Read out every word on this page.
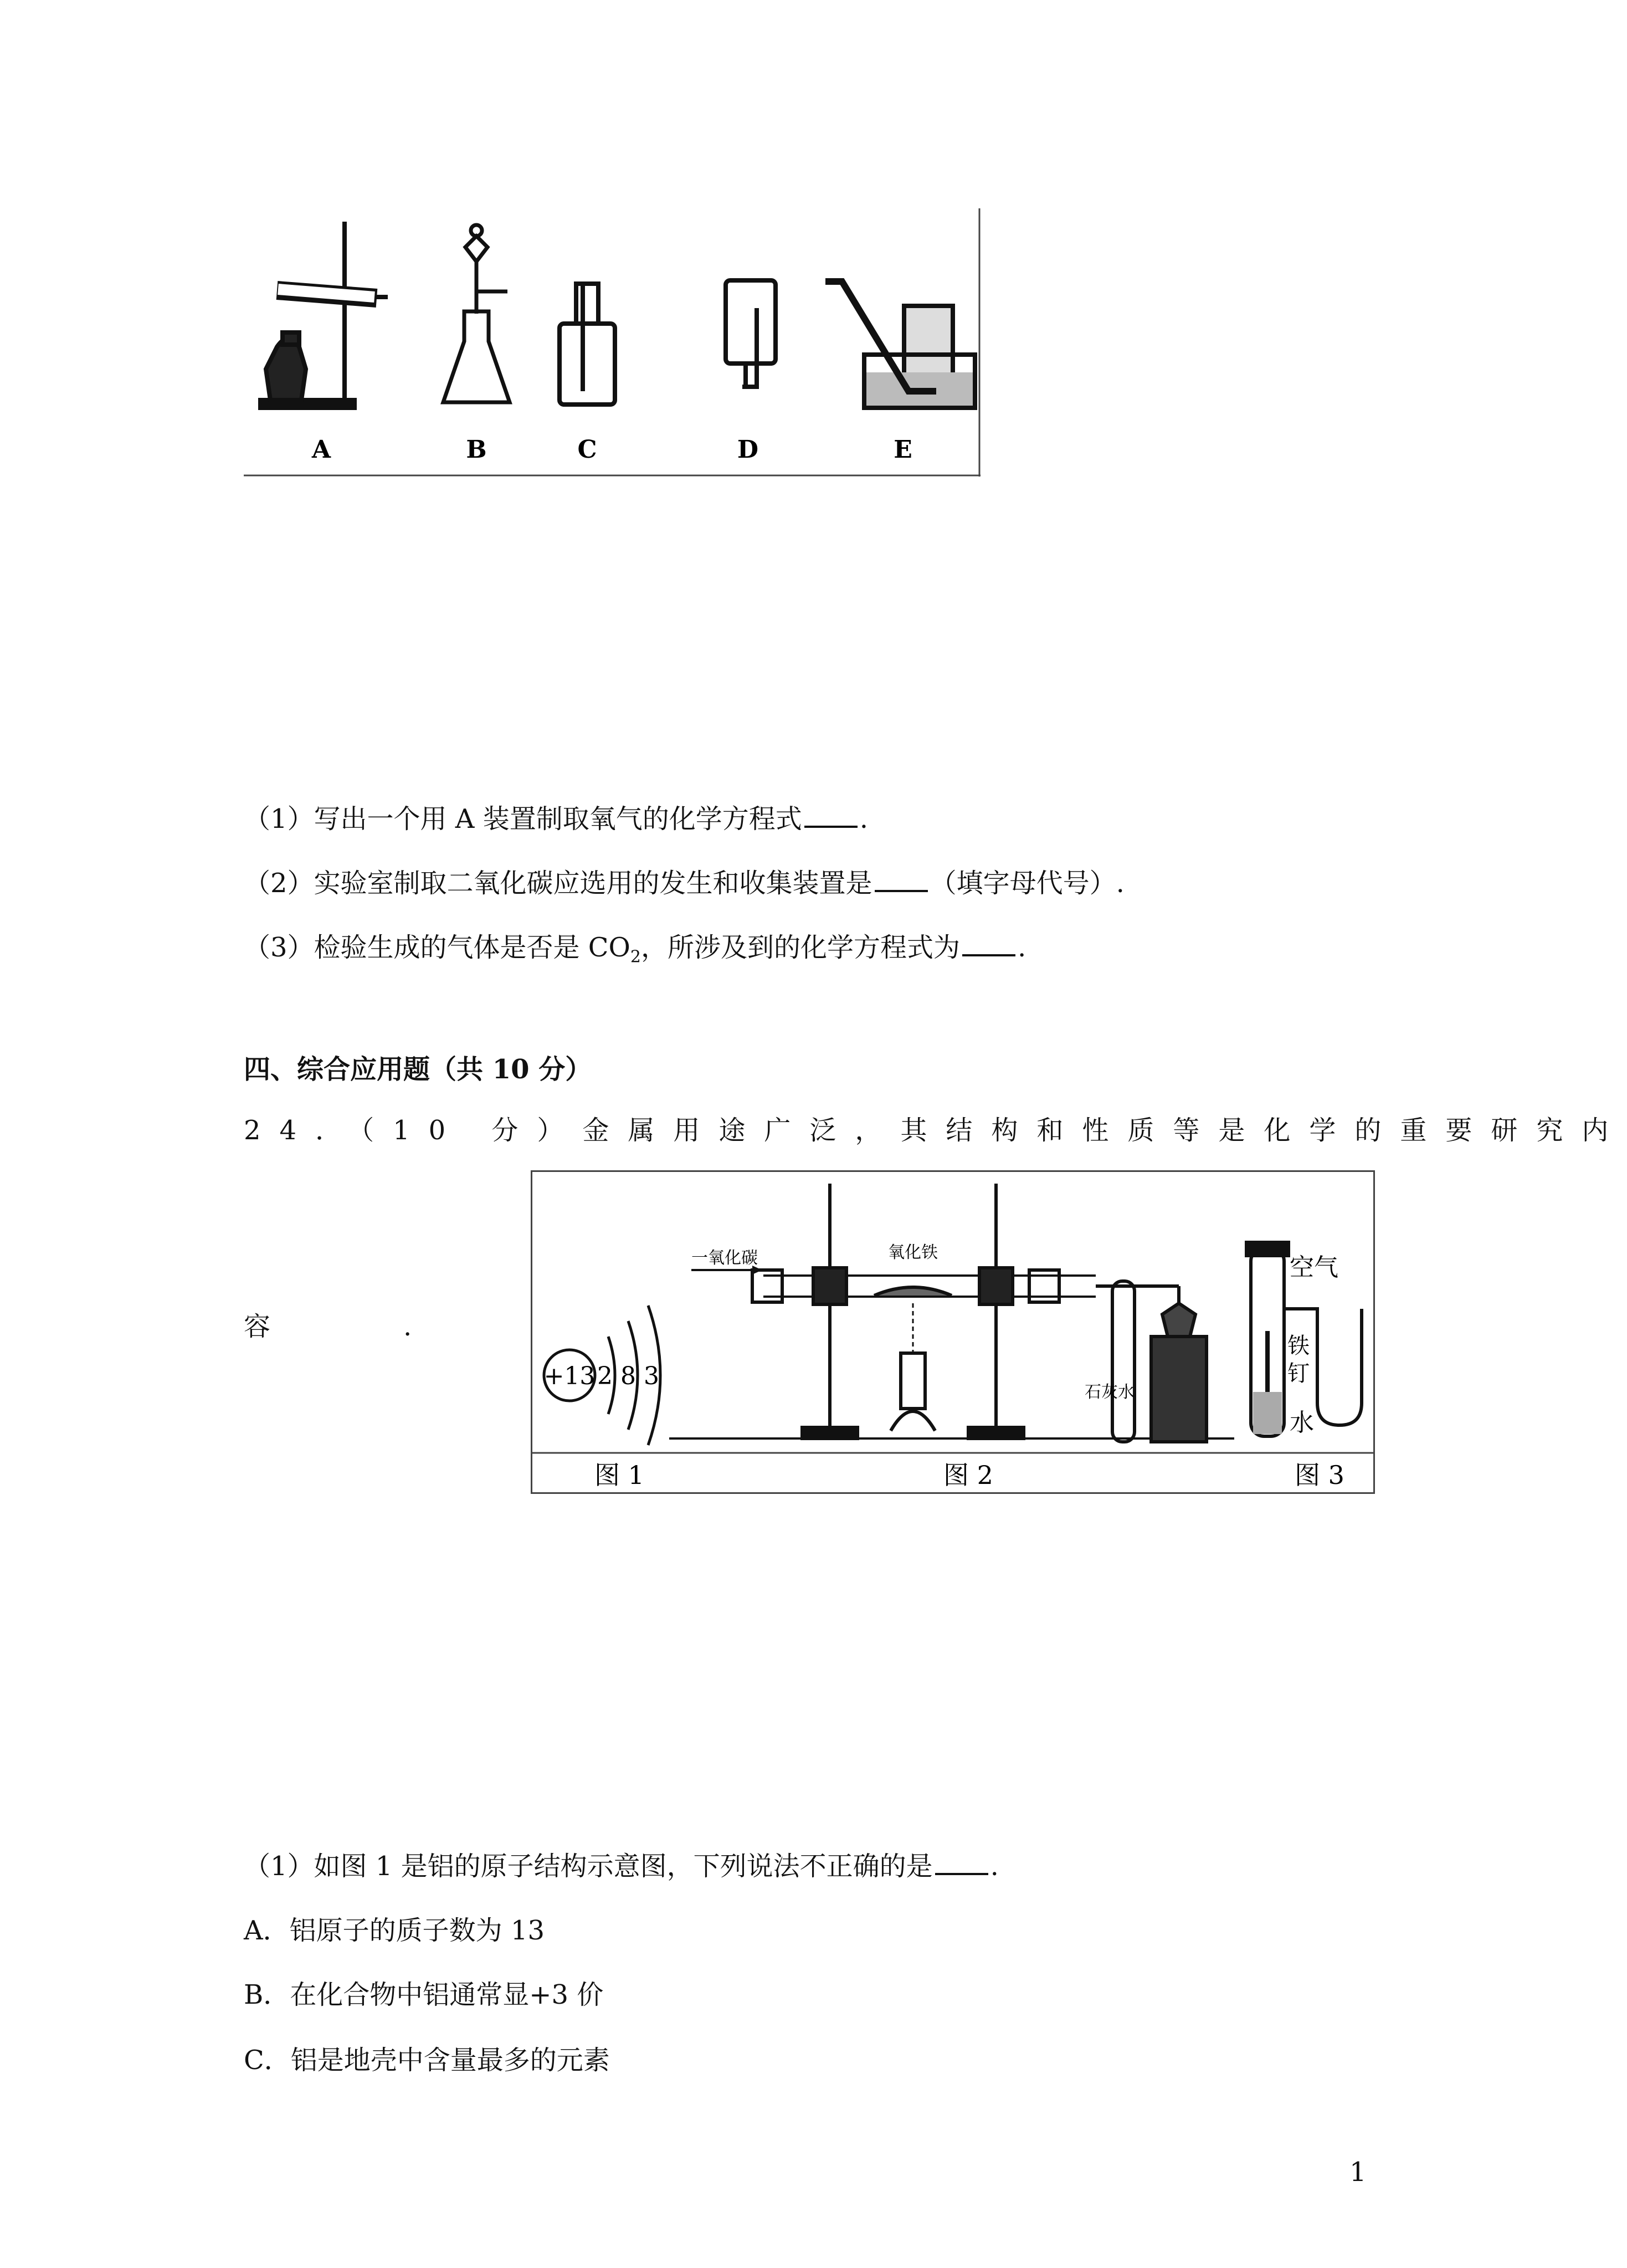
A	B	C	D	E
（1）写出一个用 A 装置制取氧气的化学方程式 .
（2）实验室制取二氧化碳应选用的发生和收集装置是 （填字母代号）.
（3）检验生成的气体是否是 $CO_2$，所涉及到的化学方程式为 .
四、综合应用题（共 10 分）
24．（10 分）金属用途广泛，其结构和性质等是化学的重要研究内
容	.
+13 2 8 3
图 1
一氧化碳	氧化铁
石灰水
图 2
空气
铁
钉
水
图 3
（1）如图 1 是铝的原子结构示意图，下列说法不正确的是 .
A．铝原子的质子数为 13
B．在化合物中铝通常显+3 价
C．铝是地壳中含量最多的元素
1
